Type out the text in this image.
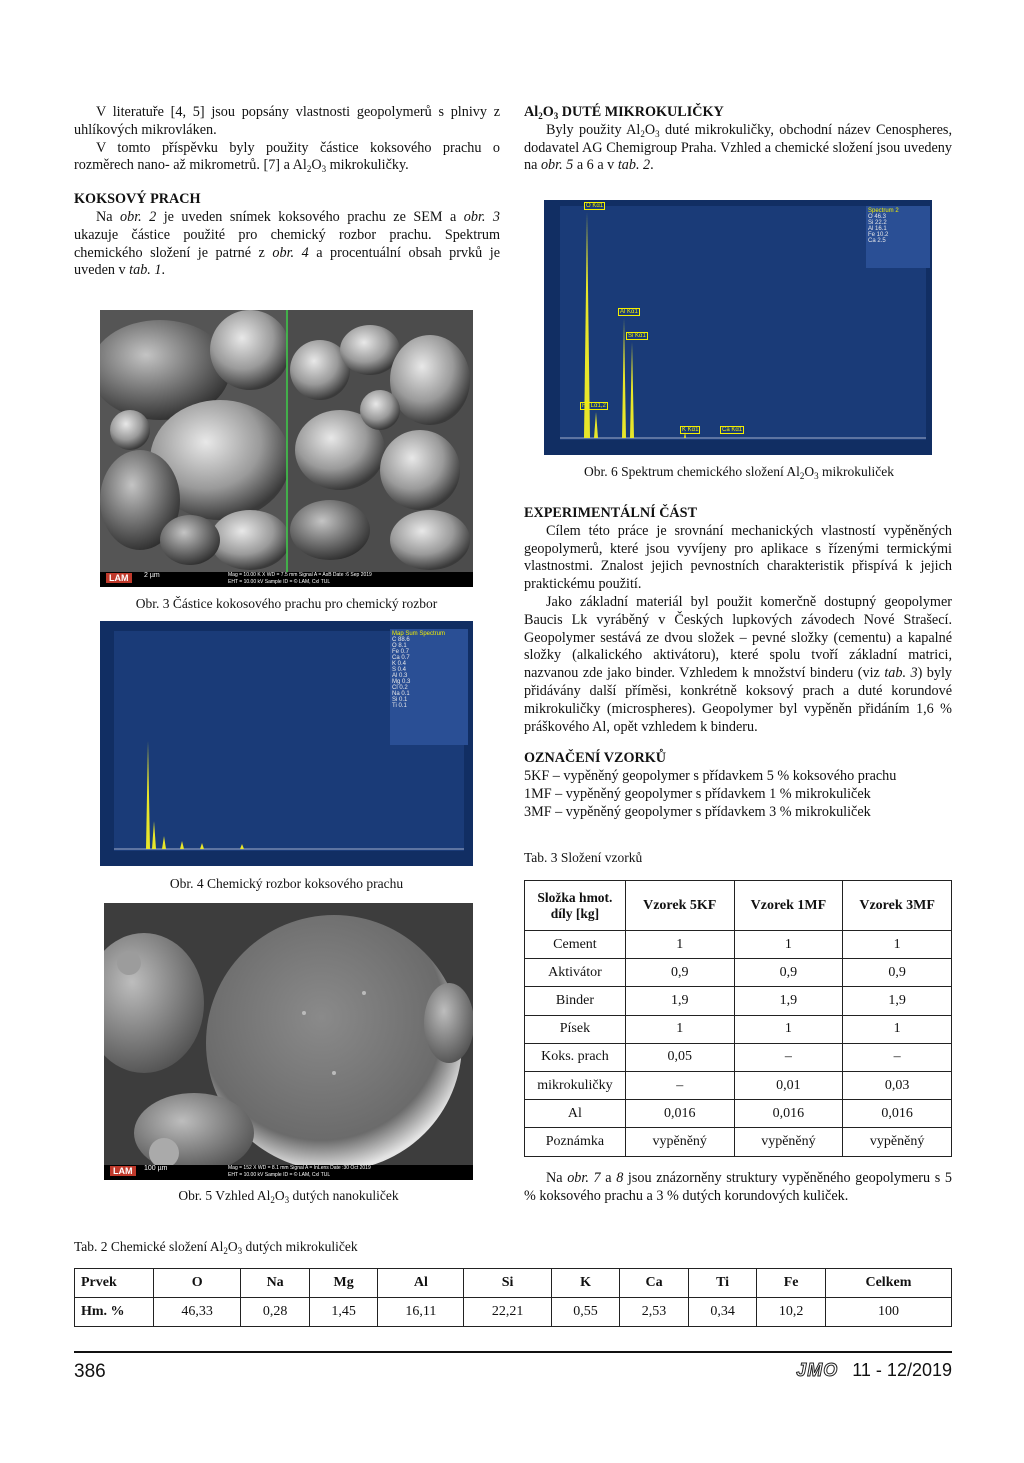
V literatuře [4, 5] jsou popsány vlastnosti geopolymerů s plnivy z uhlíkových mikrovláken.

V tomto příspěvku byly použity částice koksového prachu o rozměrech nano- až mikrometrů. [7] a $Al_2O_3$ mikrokuličky.

KOKSOVÝ PRACH

Na obr. 2 je uveden snímek koksového prachu ze SEM a obr. 3 ukazuje částice použité pro chemický rozbor prachu. Spektrum chemického složení je patrné z obr. 4 a procentuální obsah prvků je uveden v tab. 1.

LAM	2 µm	Mag = 10.00 K X WD = 7.5 mm Signal A = AsB Date :6 Sep 2019
EHT = 10.00 kV Sample ID = © LAM, CxI TUL
Obr. 3 Částice kokosového prachu pro chemický rozbor
Map Sum Spectrum
C 88.6
O 8.1
Fe 0.7
Ca 0.7
K 0.4
S 0.4
Al 0.3
Mg 0.3
Cl 0.2
Na 0.1
Si 0.1
Ti 0.1
Obr. 4 Chemický rozbor koksového prachu
LAM	100 µm	Mag = 152 X WD = 8.1 mm Signal A = InLens Date :30 Oct 2019
EHT = 10.00 kV Sample ID = © LAM, CxI TUL
Obr. 5 Vzhled $Al_2O_3$ dutých nanokuliček
$Al_2O_3$ DUTÉ MIKROKULIČKY

Byly použity $Al_2O_3$ duté mikrokuličky, obchodní název Cenospheres, dodavatel AG Chemigroup Praha. Vzhled a chemické složení jsou uvedeny na obr. 5 a 6 a v tab. 2.

O Kα1
Al Kα1
Si Kα1
Fe Lα1,2
K Kα1	Ca Kα1
Spectrum 2
O 46.3
Si 22.2
Al 16.1
Fe 10.2
Ca 2.5
Obr. 6 Spektrum chemického složení $Al_2O_3$ mikrokuliček
EXPERIMENTÁLNÍ ČÁST

Cílem této práce je srovnání mechanických vlastností vypěněných geopolymerů, které jsou vyvíjeny pro aplikace s řízenými termickými vlastnostmi. Znalost jejich pevnostních charakteristik přispívá k jejich praktickému použití.

Jako základní materiál byl použit komerčně dostupný geopolymer Baucis Lk vyráběný v Českých lupkových závodech Nové Strašecí. Geopolymer sestává ze dvou složek – pevné složky (cementu) a kapalné složky (alkalického aktivátoru), které spolu tvoří základní matrici, nazvanou zde jako binder. Vzhledem k množství binderu (viz tab. 3) byly přidávány další příměsi, konkrétně koksový prach a duté korundové mikrokuličky (microspheres). Geopolymer byl vypěněn přidáním 1,6 % práškového Al, opět vzhledem k binderu.

OZNAČENÍ VZORKŮ

5KF – vypěněný geopolymer s přídavkem 5 % koksového prachu

1MF – vypěněný geopolymer s přídavkem 1 % mikrokuliček

3MF – vypěněný geopolymer s přídavkem 3 % mikrokuliček

Tab. 3 Složení vzorků
Složka hmot. díly [kg]	Vzorek 5KF	Vzorek 1MF	Vzorek 3MF
Cement	1	1	1
Aktivátor	0,9	0,9	0,9
Binder	1,9	1,9	1,9
Písek	1	1	1
Koks. prach	0,05	–	–
mikrokuličky	–	0,01	0,03
Al	0,016	0,016	0,016
Poznámka	vypěněný	vypěněný	vypěněný

Na obr. 7 a 8 jsou znázorněny struktury vypěněného geopolymeru s 5 % koksového prachu a 3 % dutých korundových kuliček.

Tab. 2 Chemické složení $Al_2O_3$ dutých mikrokuliček
Prvek	O	Na	Mg	Al	Si	K	Ca	Ti	Fe	Celkem
Hm. %	46,33	0,28	1,45	16,11	22,21	0,55	2,53	0,34	10,2	100
386	JMO 11 - 12/2019
